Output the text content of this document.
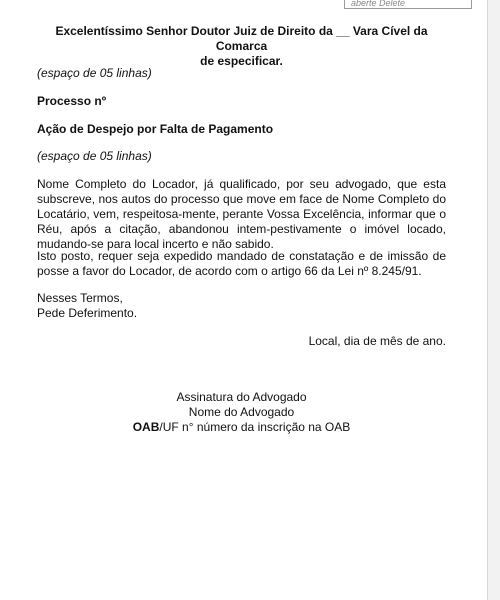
aberte Delete
Excelentíssimo Senhor Doutor Juiz de Direito da __ Vara Cível da Comarca
de especificar.

(espaço de 05 linhas)

Processo nº

Ação de Despejo por Falta de Pagamento

(espaço de 05 linhas)

Nome Completo do Locador, já qualificado, por seu advogado, que esta subscreve, nos autos do processo que move em face de Nome Completo do Locatário, vem, respeitosa-mente, perante Vossa Excelência, informar que o Réu, após a citação, abandonou intem-pestivamente o imóvel locado, mudando-se para local incerto e não sabido.

Isto posto, requer seja expedido mandado de constatação e de imissão de posse a favor do Locador, de acordo com o artigo 66 da Lei nº 8.245/91.

Nesses Termos,

Pede Deferimento.

Local, dia de mês de ano.

Assinatura do Advogado
Nome do Advogado
OAB/UF n° número da inscrição na OAB
